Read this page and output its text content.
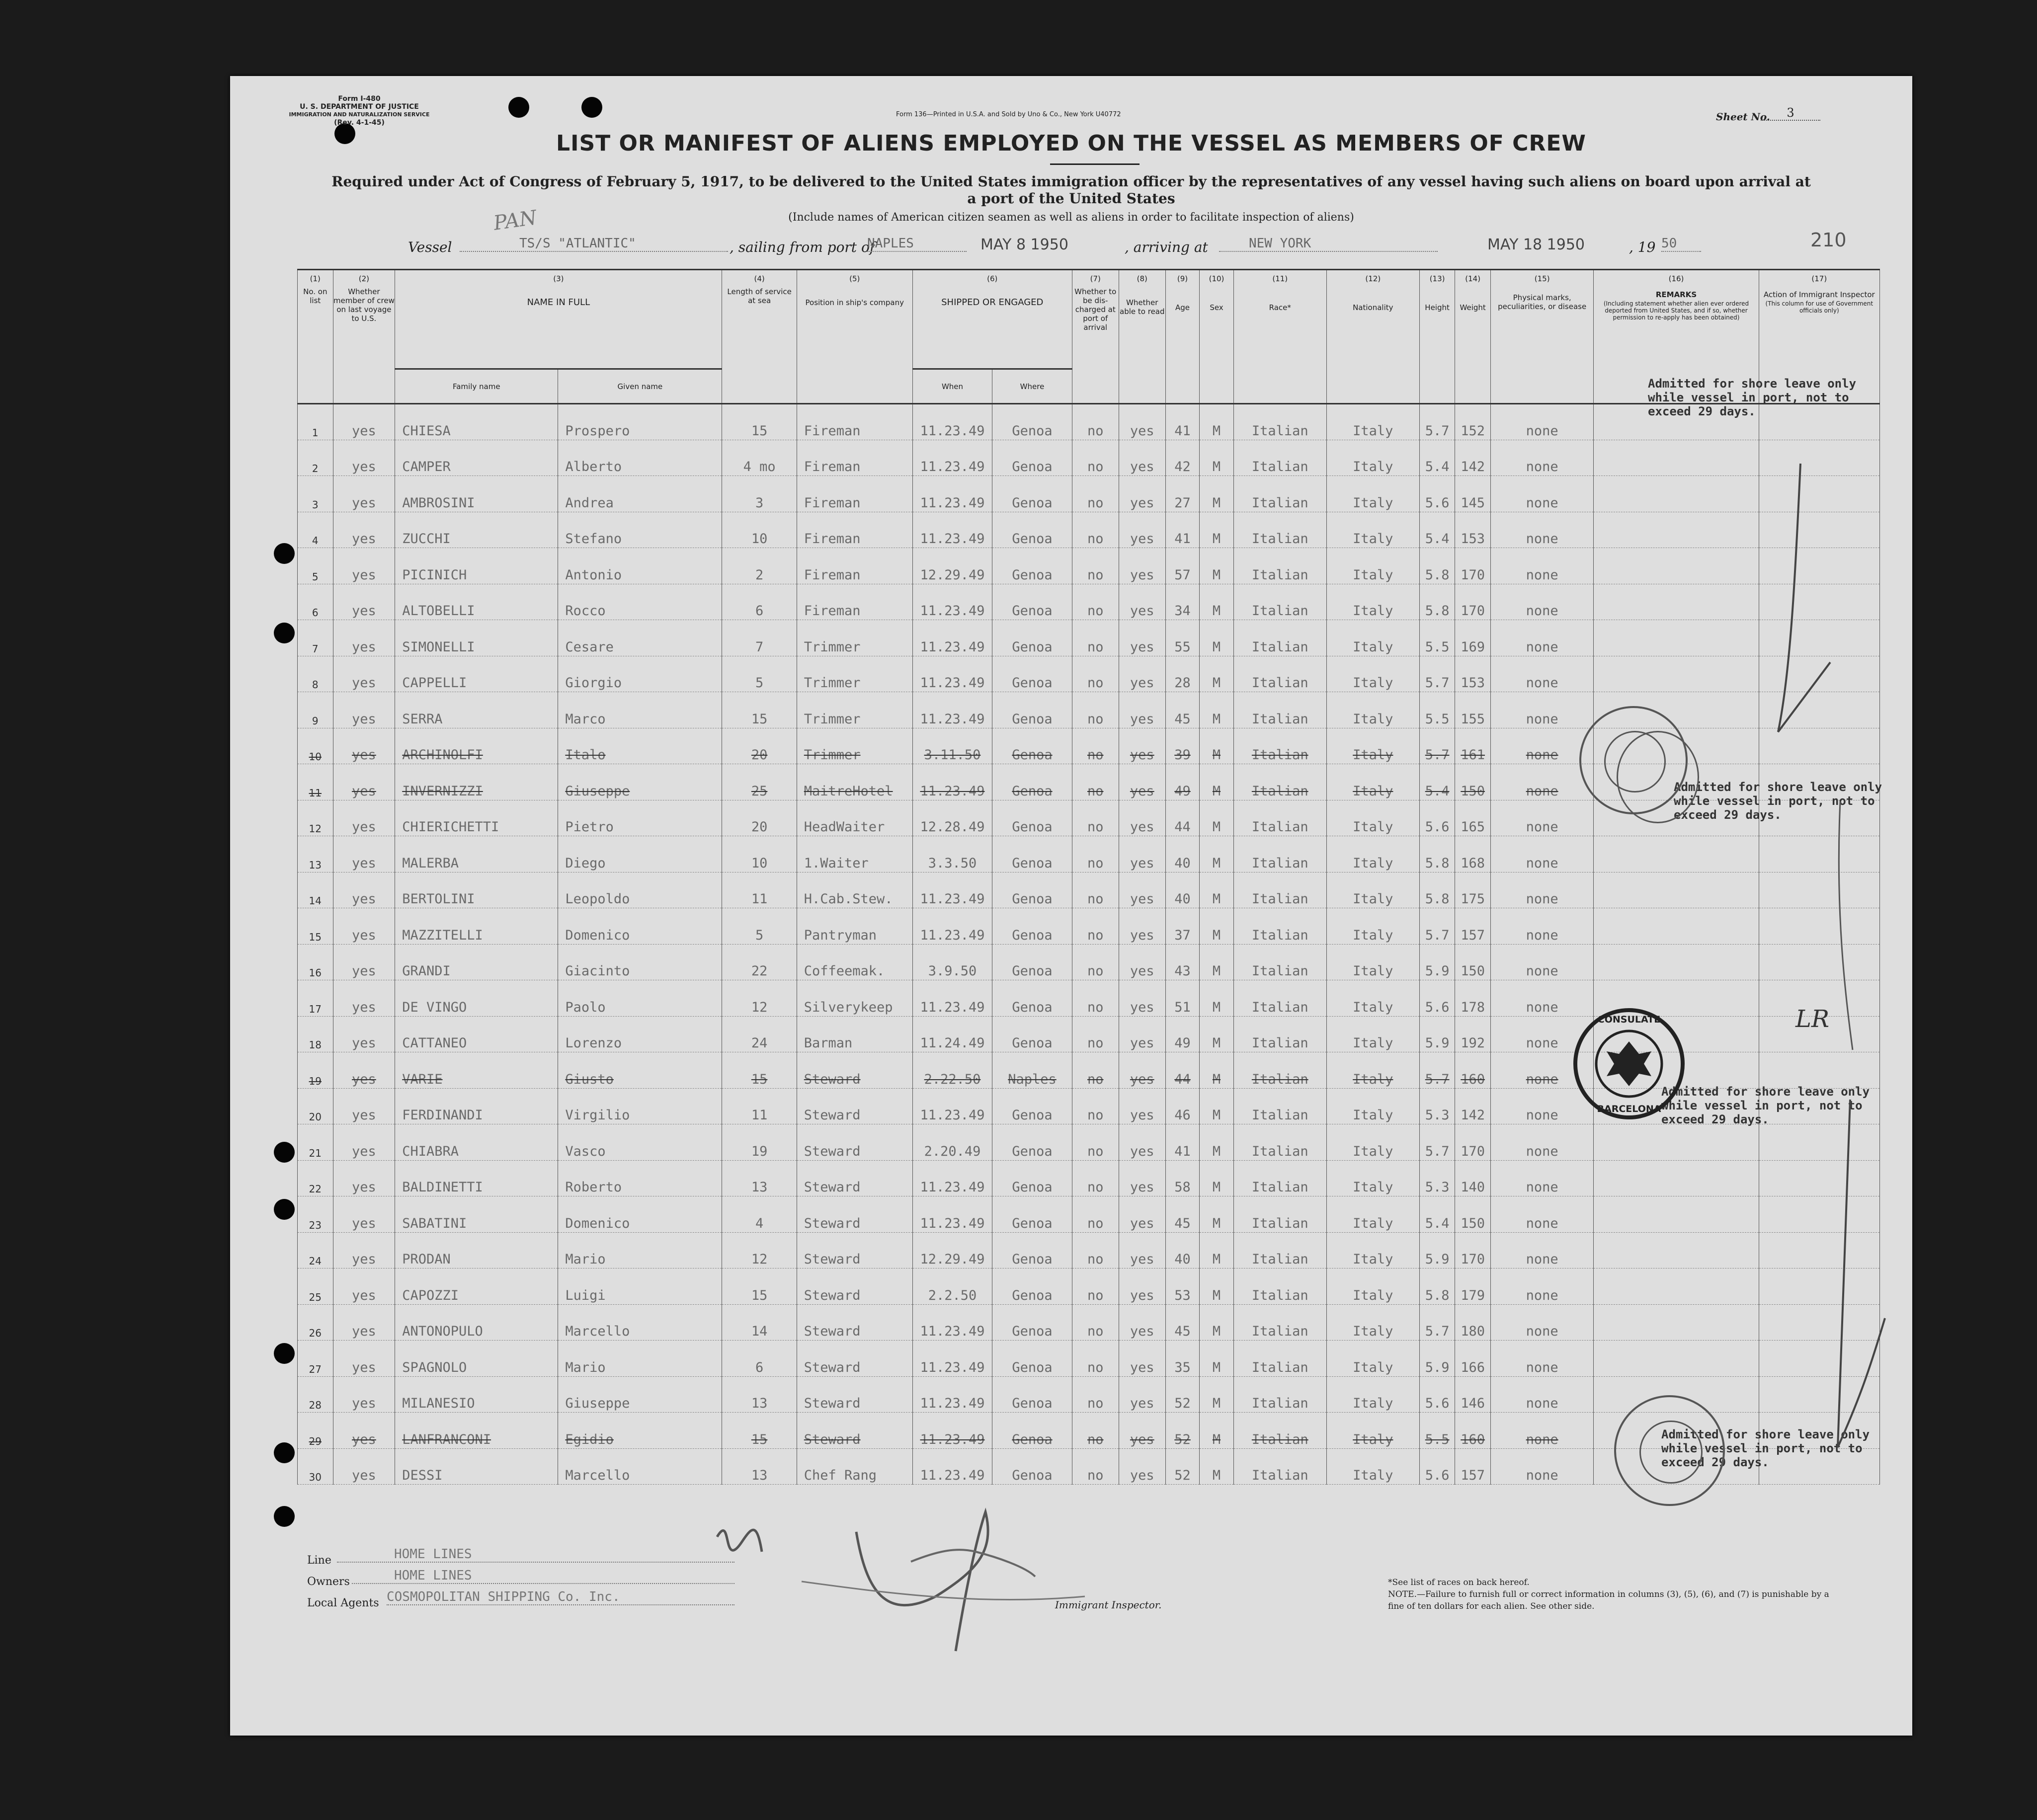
Form I-480
U. S. DEPARTMENT OF JUSTICE
IMMIGRATION AND NATURALIZATION SERVICE
(Rev. 4-1-45)
Form 136—Printed in U.S.A. and Sold by Uno & Co., New York U40772	Sheet No.	3
LIST OR MANIFEST OF ALIENS EMPLOYED ON THE VESSEL AS MEMBERS OF CREW
Required under Act of Congress of February 5, 1917, to be delivered to the United States immigration officer by the representatives of any vessel having such aliens on board upon arrival at a port of the United States
(Include names of American citizen seamen as well as aliens in order to facilitate inspection of aliens)
Vessel
PAN
TS/S "ATLANTIC"	, sailing from port of
NAPLES	MAY 8 1950	, arriving at	NEW YORK	MAY 18 1950	, 19 50	210
(1)
No. on list	(2)
Whether member of crew on last voyage to U.S.	(3)
NAME IN FULL		(4)
Length of service at sea	(5)
Position in ship's company	(6)
SHIPPED OR ENGAGED		(7)
Whether to be dis-charged at port of arrival	(8)
Whether able to read	(9)
Age	(10)
Sex	(11)
Race*	(12)
Nationality	(13)
Height	(14)
Weight	(15)
Physical marks, peculiarities, or disease	(16)
REMARKS
(Including statement whether alien ever ordered deported from United States, and if so, whether permission to re-apply has been obtained)	(17)
Action of Immigrant Inspector
(This column for use of Government officials only)

		Family name	Given name			When	Where											
1	yes	CHIESA	Prospero	15	Fireman	11.23.49	Genoa	no	yes	41	M	Italian	Italy	5.7	152	none		
2	yes	CAMPER	Alberto	4 mo	Fireman	11.23.49	Genoa	no	yes	42	M	Italian	Italy	5.4	142	none		
3	yes	AMBROSINI	Andrea	3	Fireman	11.23.49	Genoa	no	yes	27	M	Italian	Italy	5.6	145	none		
4	yes	ZUCCHI	Stefano	10	Fireman	11.23.49	Genoa	no	yes	41	M	Italian	Italy	5.4	153	none		
5	yes	PICINICH	Antonio	2	Fireman	12.29.49	Genoa	no	yes	57	M	Italian	Italy	5.8	170	none		
6	yes	ALTOBELLI	Rocco	6	Fireman	11.23.49	Genoa	no	yes	34	M	Italian	Italy	5.8	170	none		
7	yes	SIMONELLI	Cesare	7	Trimmer	11.23.49	Genoa	no	yes	55	M	Italian	Italy	5.5	169	none		
8	yes	CAPPELLI	Giorgio	5	Trimmer	11.23.49	Genoa	no	yes	28	M	Italian	Italy	5.7	153	none		
9	yes	SERRA	Marco	15	Trimmer	11.23.49	Genoa	no	yes	45	M	Italian	Italy	5.5	155	none		
10	yes	ARCHINOLFI	Italo	20	Trimmer	3.11.50	Genoa	no	yes	39	M	Italian	Italy	5.7	161	none		
11	yes	INVERNIZZI	Giuseppe	25	MaitreHotel	11.23.49	Genoa	no	yes	49	M	Italian	Italy	5.4	150	none		
12	yes	CHIERICHETTI	Pietro	20	HeadWaiter	12.28.49	Genoa	no	yes	44	M	Italian	Italy	5.6	165	none		
13	yes	MALERBA	Diego	10	1.Waiter	3.3.50	Genoa	no	yes	40	M	Italian	Italy	5.8	168	none		
14	yes	BERTOLINI	Leopoldo	11	H.Cab.Stew.	11.23.49	Genoa	no	yes	40	M	Italian	Italy	5.8	175	none		
15	yes	MAZZITELLI	Domenico	5	Pantryman	11.23.49	Genoa	no	yes	37	M	Italian	Italy	5.7	157	none		
16	yes	GRANDI	Giacinto	22	Coffeemak.	3.9.50	Genoa	no	yes	43	M	Italian	Italy	5.9	150	none		
17	yes	DE VINGO	Paolo	12	Silverykeep	11.23.49	Genoa	no	yes	51	M	Italian	Italy	5.6	178	none		
18	yes	CATTANEO	Lorenzo	24	Barman	11.24.49	Genoa	no	yes	49	M	Italian	Italy	5.9	192	none		
19	yes	VARIE	Giusto	15	Steward	2.22.50	Naples	no	yes	44	M	Italian	Italy	5.7	160	none		
20	yes	FERDINANDI	Virgilio	11	Steward	11.23.49	Genoa	no	yes	46	M	Italian	Italy	5.3	142	none		
21	yes	CHIABRA	Vasco	19	Steward	2.20.49	Genoa	no	yes	41	M	Italian	Italy	5.7	170	none		
22	yes	BALDINETTI	Roberto	13	Steward	11.23.49	Genoa	no	yes	58	M	Italian	Italy	5.3	140	none		
23	yes	SABATINI	Domenico	4	Steward	11.23.49	Genoa	no	yes	45	M	Italian	Italy	5.4	150	none		
24	yes	PRODAN	Mario	12	Steward	12.29.49	Genoa	no	yes	40	M	Italian	Italy	5.9	170	none		
25	yes	CAPOZZI	Luigi	15	Steward	2.2.50	Genoa	no	yes	53	M	Italian	Italy	5.8	179	none		
26	yes	ANTONOPULO	Marcello	14	Steward	11.23.49	Genoa	no	yes	45	M	Italian	Italy	5.7	180	none		
27	yes	SPAGNOLO	Mario	6	Steward	11.23.49	Genoa	no	yes	35	M	Italian	Italy	5.9	166	none		
28	yes	MILANESIO	Giuseppe	13	Steward	11.23.49	Genoa	no	yes	52	M	Italian	Italy	5.6	146	none		
29	yes	LANFRANCONI	Egidio	15	Steward	11.23.49	Genoa	no	yes	52	M	Italian	Italy	5.5	160	none		
30	yes	DESSI	Marcello	13	Chef Rang	11.23.49	Genoa	no	yes	52	M	Italian	Italy	5.6	157	none		
Admitted for shore leave only
while vessel in port, not to
exceed 29 days.
Admitted for shore leave only
while vessel in port, not to
exceed 29 days.
Admitted for shore leave only
while vessel in port, not to
exceed 29 days.
Admitted for shore leave only
while vessel in port, not to
exceed 29 days.
LR
CONSULATE
BARCELONA
Line	HOME LINES
Owners	HOME LINES
Local Agents COSMOPOLITAN SHIPPING Co. Inc.
Immigrant Inspector.
*See list of races on back hereof.
NOTE.—Failure to furnish full or correct information in columns (3), (5), (6), and (7) is punishable by a fine of ten dollars for each alien. See other side.
